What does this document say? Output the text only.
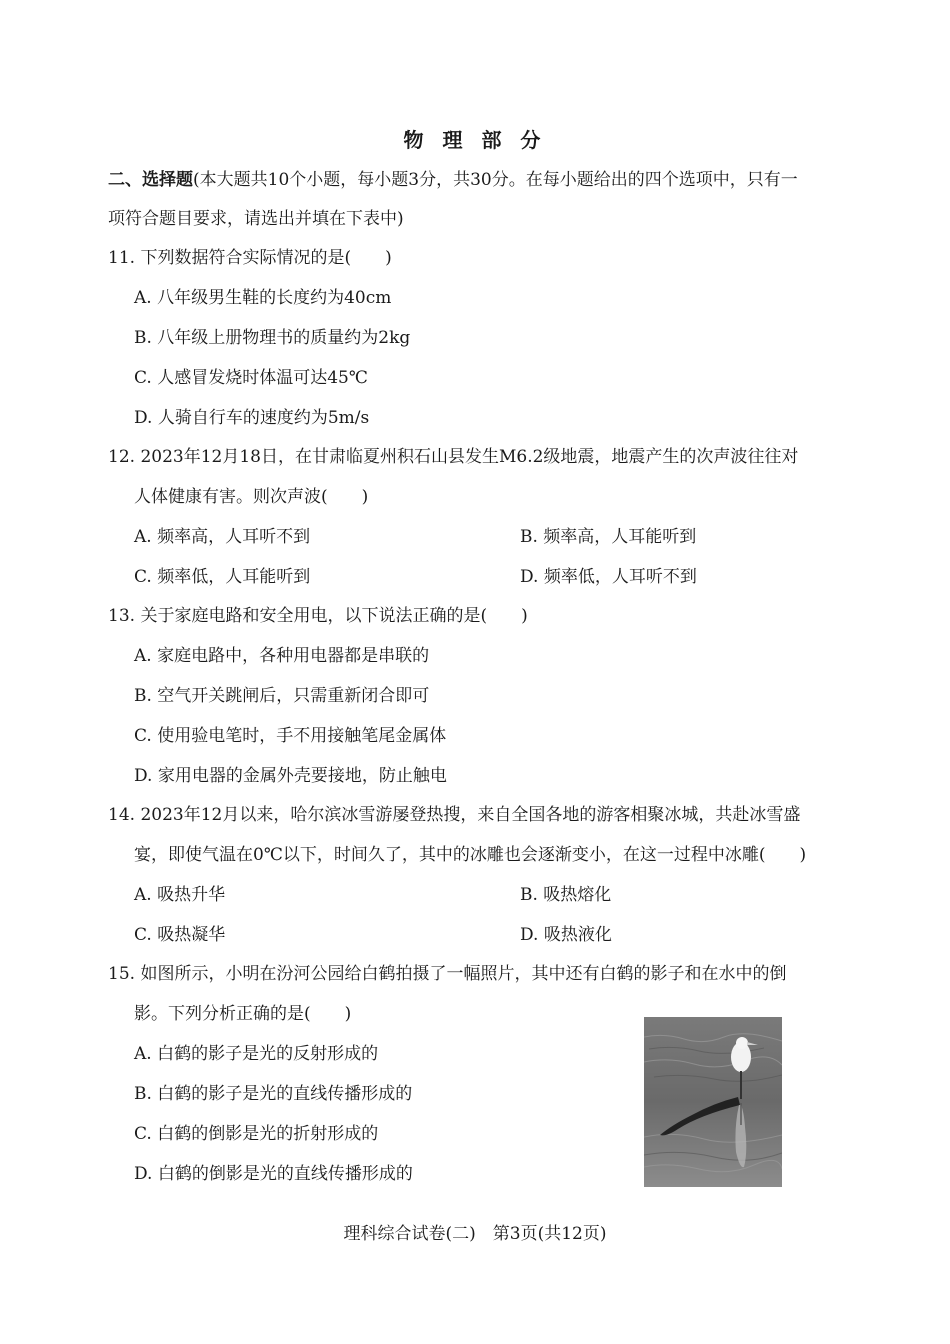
物 理 部 分
二、选择题(本大题共10个小题，每小题3分，共30分。在每小题给出的四个选项中，只有一
项符合题目要求，请选出并填在下表中)
11. 下列数据符合实际情况的是(　　)
A. 八年级男生鞋的长度约为40cm
B. 八年级上册物理书的质量约为2kg
C. 人感冒发烧时体温可达45℃
D. 人骑自行车的速度约为5m/s
12. 2023年12月18日，在甘肃临夏州积石山县发生M6.2级地震，地震产生的次声波往往对
人体健康有害。则次声波(　　)
A. 频率高，人耳听不到	B. 频率高，人耳能听到
C. 频率低，人耳能听到	D. 频率低，人耳听不到
13. 关于家庭电路和安全用电，以下说法正确的是(　　)
A. 家庭电路中，各种用电器都是串联的
B. 空气开关跳闸后，只需重新闭合即可
C. 使用验电笔时，手不用接触笔尾金属体
D. 家用电器的金属外壳要接地，防止触电
14. 2023年12月以来，哈尔滨冰雪游屡登热搜，来自全国各地的游客相聚冰城，共赴冰雪盛
宴，即使气温在0℃以下，时间久了，其中的冰雕也会逐渐变小，在这一过程中冰雕(　　)
A. 吸热升华	B. 吸热熔化
C. 吸热凝华	D. 吸热液化
15. 如图所示，小明在汾河公园给白鹤拍摄了一幅照片，其中还有白鹤的影子和在水中的倒
影。下列分析正确的是(　　)
A. 白鹤的影子是光的反射形成的
B. 白鹤的影子是光的直线传播形成的
C. 白鹤的倒影是光的折射形成的
D. 白鹤的倒影是光的直线传播形成的
理科综合试卷(二)　第3页(共12页)
